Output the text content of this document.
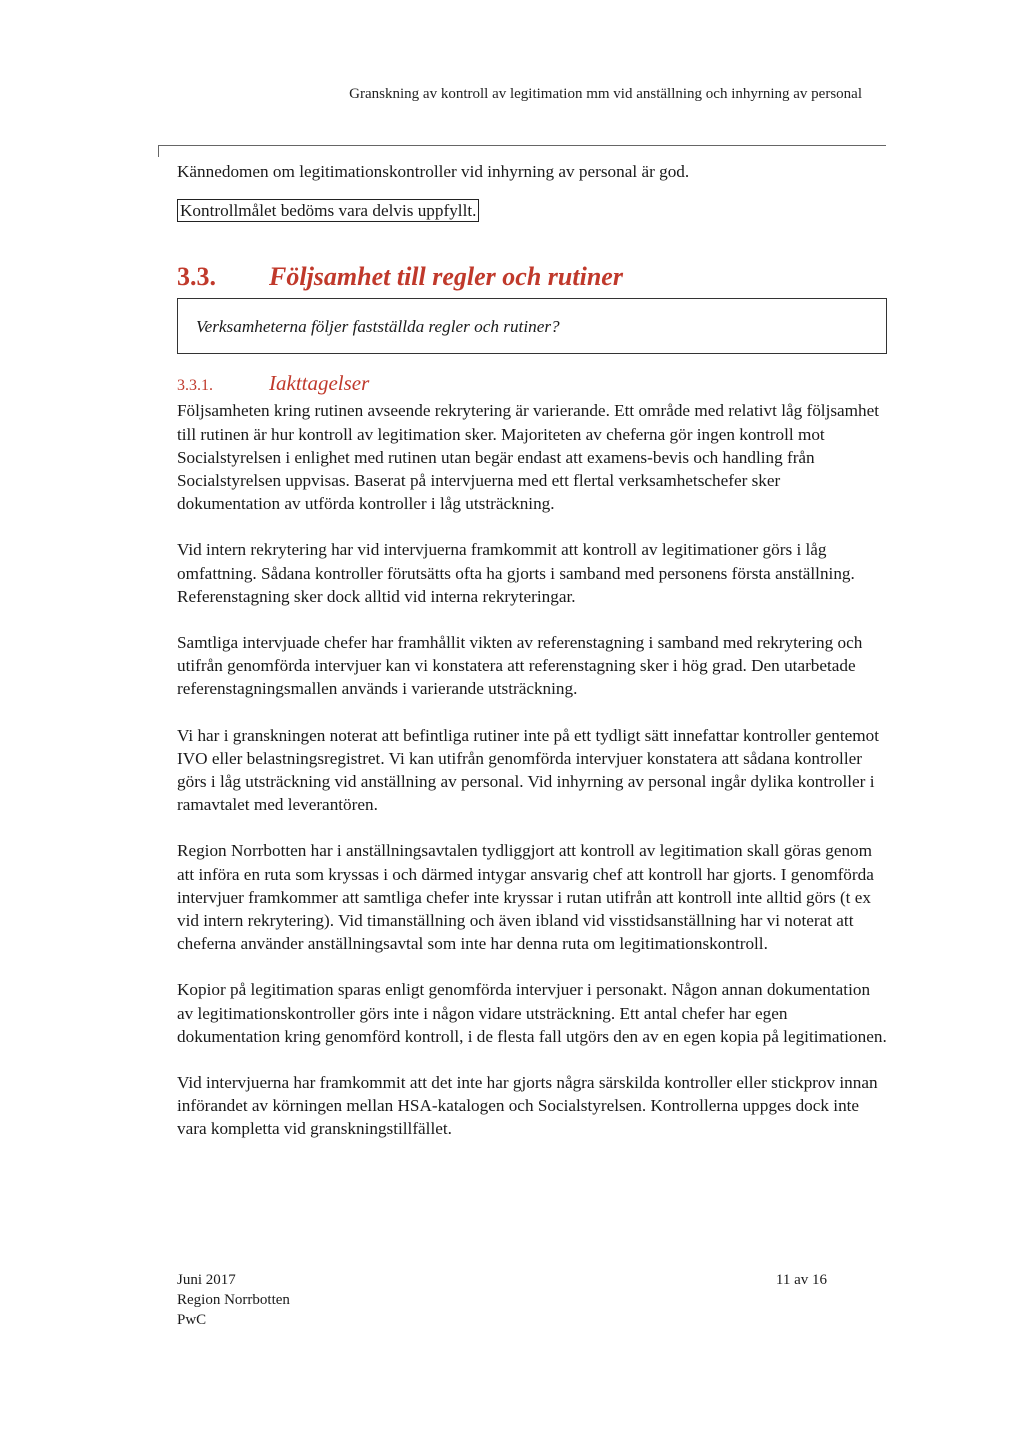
Granskning av kontroll av legitimation mm vid anställning och inhyrning av personal

Kännedomen om legitimationskontroller vid inhyrning av personal är god.

Kontrollmålet bedöms vara delvis uppfyllt.

3.3.	Följsamhet till regler och rutiner
Verksamheterna följer fastställda regler och rutiner?
3.3.1.	Iakttagelser

Följsamheten kring rutinen avseende rekrytering är varierande. Ett område med relativt låg följsamhet till rutinen är hur kontroll av legitimation sker. Majoriteten av cheferna gör ingen kontroll mot Socialstyrelsen i enlighet med rutinen utan begär endast att examens-bevis och handling från Socialstyrelsen uppvisas. Baserat på intervjuerna med ett flertal verksamhetschefer sker dokumentation av utförda kontroller i låg utsträckning.

Vid intern rekrytering har vid intervjuerna framkommit att kontroll av legitimationer görs i låg omfattning. Sådana kontroller förutsätts ofta ha gjorts i samband med personens första anställning. Referenstagning sker dock alltid vid interna rekryteringar.

Samtliga intervjuade chefer har framhållit vikten av referenstagning i samband med rekrytering och utifrån genomförda intervjuer kan vi konstatera att referenstagning sker i hög grad. Den utarbetade referenstagningsmallen används i varierande utsträckning.

Vi har i granskningen noterat att befintliga rutiner inte på ett tydligt sätt innefattar kontroller gentemot IVO eller belastningsregistret. Vi kan utifrån genomförda intervjuer konstatera att sådana kontroller görs i låg utsträckning vid anställning av personal. Vid inhyrning av personal ingår dylika kontroller i ramavtalet med leverantören.

Region Norrbotten har i anställningsavtalen tydliggjort att kontroll av legitimation skall göras genom att införa en ruta som kryssas i och därmed intygar ansvarig chef att kontroll har gjorts. I genomförda intervjuer framkommer att samtliga chefer inte kryssar i rutan utifrån att kontroll inte alltid görs (t ex vid intern rekrytering). Vid timanställning och även ibland vid visstidsanställning har vi noterat att cheferna använder anställningsavtal som inte har denna ruta om legitimationskontroll.

Kopior på legitimation sparas enligt genomförda intervjuer i personakt. Någon annan dokumentation av legitimationskontroller görs inte i någon vidare utsträckning. Ett antal chefer har egen dokumentation kring genomförd kontroll, i de flesta fall utgörs den av en egen kopia på legitimationen.

Vid intervjuerna har framkommit att det inte har gjorts några särskilda kontroller eller stickprov innan införandet av körningen mellan HSA-katalogen och Socialstyrelsen. Kontrollerna uppges dock inte vara kompletta vid granskningstillfället.

Juni 2017
Region Norrbotten
PwC
11 av 16
